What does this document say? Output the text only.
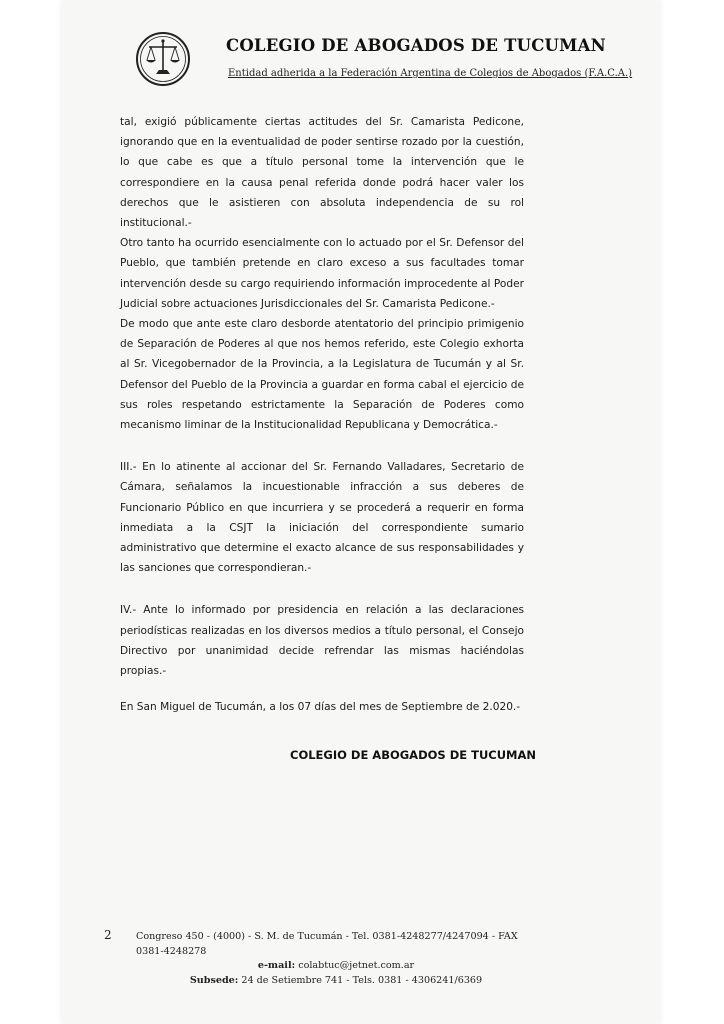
COLEGIO DE ABOGADOS DE TUCUMAN
Entidad adherida a la Federación Argentina de Colegios de Abogados (F.A.C.A.)

tal, exigió públicamente ciertas actitudes del Sr. Camarista Pedicone, ignorando que en la eventualidad de poder sentirse rozado por la cuestión, lo que cabe es que a título personal tome la intervención que le correspondiere en la causa penal referida donde podrá hacer valer los derechos que le asistieren con absoluta independencia de su rol institucional.-

Otro tanto ha ocurrido esencialmente con lo actuado por el Sr. Defensor del Pueblo, que también pretende en claro exceso a sus facultades tomar intervención desde su cargo requiriendo información improcedente al Poder Judicial sobre actuaciones Jurisdiccionales del Sr. Camarista Pedicone.-

De modo que ante este claro desborde atentatorio del principio primigenio de Separación de Poderes al que nos hemos referido, este Colegio exhorta al Sr. Vicegobernador de la Provincia, a la Legislatura de Tucumán y al Sr. Defensor del Pueblo de la Provincia a guardar en forma cabal el ejercicio de sus roles respetando estrictamente la Separación de Poderes como mecanismo liminar de la Institucionalidad Republicana y Democrática.-

III.- En lo atinente al accionar del Sr. Fernando Valladares, Secretario de Cámara, señalamos la incuestionable infracción a sus deberes de Funcionario Público en que incurriera y se procederá a requerir en forma inmediata a la CSJT la iniciación del correspondiente sumario administrativo que determine el exacto alcance de sus responsabilidades y las sanciones que correspondieran.-

IV.- Ante lo informado por presidencia en relación a las declaraciones periodísticas realizadas en los diversos medios a título personal, el Consejo Directivo por unanimidad decide refrendar las mismas haciéndolas propias.-

En San Miguel de Tucumán, a los 07 días del mes de Septiembre de 2.020.-

COLEGIO DE ABOGADOS DE TUCUMAN
2	Congreso 450 - (4000) - S. M. de Tucumán - Tel. 0381-4248277/4247094 - FAX 0381-4248278
e-mail: colabtuc@jetnet.com.ar
Subsede: 24 de Setiembre 741 - Tels. 0381 - 4306241/6369
